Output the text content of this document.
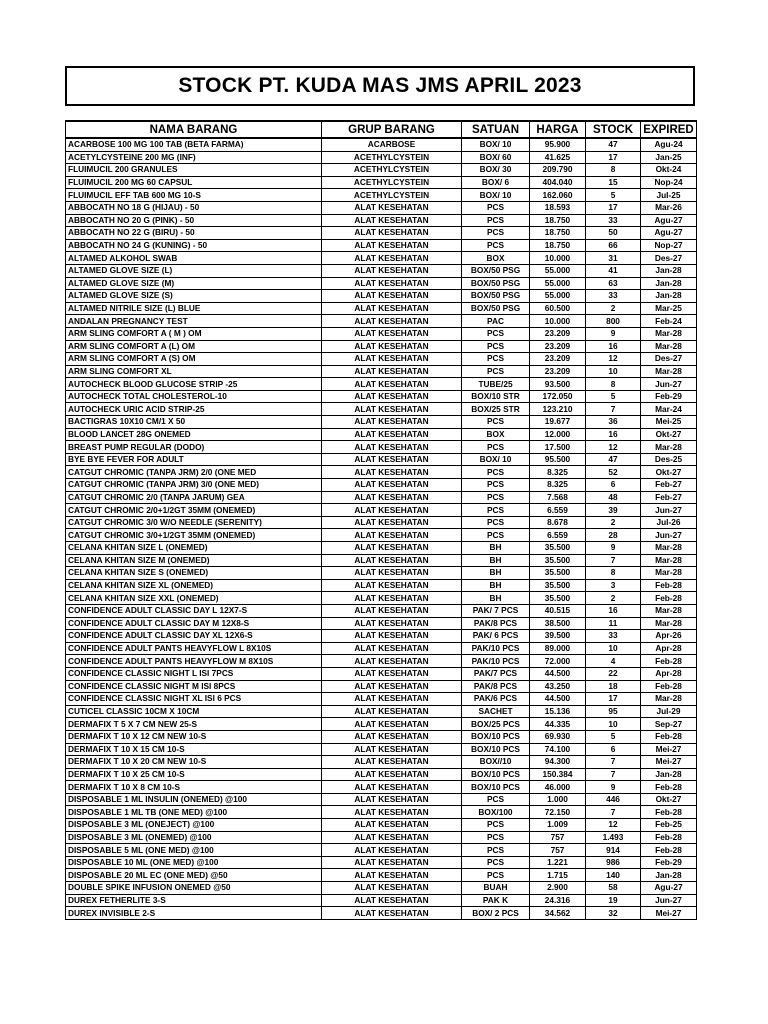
STOCK PT. KUDA MAS JMS APRIL 2023
NAMA BARANG	GRUP BARANG	SATUAN	HARGA	STOCK	EXPIRED
ACARBOSE 100 MG 100 TAB (BETA FARMA)	ACARBOSE	BOX/ 10	95.900	47	Agu-24
ACETYLCYSTEINE 200 MG (INF)	ACETHYLCYSTEIN	BOX/ 60	41.625	17	Jan-25
FLUIMUCIL 200 GRANULES	ACETHYLCYSTEIN	BOX/ 30	209.790	8	Okt-24
FLUIMUCIL 200 MG 60 CAPSUL	ACETHYLCYSTEIN	BOX/ 6	404.040	15	Nop-24
FLUIMUCIL EFF TAB 600 MG 10-S	ACETHYLCYSTEIN	BOX/ 10	162.060	5	Jul-25
ABBOCATH NO 18 G (HIJAU) - 50	ALAT KESEHATAN	PCS	18.593	17	Mar-26
ABBOCATH NO 20 G (PINK) - 50	ALAT KESEHATAN	PCS	18.750	33	Agu-27
ABBOCATH NO 22 G (BIRU) - 50	ALAT KESEHATAN	PCS	18.750	50	Agu-27
ABBOCATH NO 24 G (KUNING) - 50	ALAT KESEHATAN	PCS	18.750	66	Nop-27
ALTAMED ALKOHOL SWAB	ALAT KESEHATAN	BOX	10.000	31	Des-27
ALTAMED GLOVE SIZE (L)	ALAT KESEHATAN	BOX/50 PSG	55.000	41	Jan-28
ALTAMED GLOVE SIZE (M)	ALAT KESEHATAN	BOX/50 PSG	55.000	63	Jan-28
ALTAMED GLOVE SIZE (S)	ALAT KESEHATAN	BOX/50 PSG	55.000	33	Jan-28
ALTAMED NITRILE SIZE (L) BLUE	ALAT KESEHATAN	BOX/50 PSG	60.500	2	Mar-25
ANDALAN PREGNANCY TEST	ALAT KESEHATAN	PAC	10.000	800	Feb-24
ARM SLING COMFORT A ( M ) OM	ALAT KESEHATAN	PCS	23.209	9	Mar-28
ARM SLING COMFORT A (L) OM	ALAT KESEHATAN	PCS	23.209	16	Mar-28
ARM SLING COMFORT A (S) OM	ALAT KESEHATAN	PCS	23.209	12	Des-27
ARM SLING COMFORT XL	ALAT KESEHATAN	PCS	23.209	10	Mar-28
AUTOCHECK BLOOD GLUCOSE STRIP -25	ALAT KESEHATAN	TUBE/25	93.500	8	Jun-27
AUTOCHECK TOTAL CHOLESTEROL-10	ALAT KESEHATAN	BOX/10 STR	172.050	5	Feb-29
AUTOCHECK URIC ACID STRIP-25	ALAT KESEHATAN	BOX/25 STR	123.210	7	Mar-24
BACTIGRAS 10X10 CM/1 X 50	ALAT KESEHATAN	PCS	19.677	36	Mei-25
BLOOD LANCET 28G ONEMED	ALAT KESEHATAN	BOX	12.000	16	Okt-27
BREAST PUMP REGULAR (DODO)	ALAT KESEHATAN	PCS	17.500	12	Mar-28
BYE BYE FEVER FOR ADULT	ALAT KESEHATAN	BOX/ 10	95.500	47	Des-25
CATGUT CHROMIC (TANPA JRM) 2/0 (ONE MED	ALAT KESEHATAN	PCS	8.325	52	Okt-27
CATGUT CHROMIC (TANPA JRM) 3/0 (ONE MED)	ALAT KESEHATAN	PCS	8.325	6	Feb-27
CATGUT CHROMIC 2/0 (TANPA JARUM) GEA	ALAT KESEHATAN	PCS	7.568	48	Feb-27
CATGUT CHROMIC 2/0+1/2GT 35MM (ONEMED)	ALAT KESEHATAN	PCS	6.559	39	Jun-27
CATGUT CHROMIC 3/0 W/O NEEDLE (SERENITY)	ALAT KESEHATAN	PCS	8.678	2	Jul-26
CATGUT CHROMIC 3/0+1/2GT 35MM (ONEMED)	ALAT KESEHATAN	PCS	6.559	28	Jun-27
CELANA KHITAN SIZE L (ONEMED)	ALAT KESEHATAN	BH	35.500	9	Mar-28
CELANA KHITAN SIZE M (ONEMED)	ALAT KESEHATAN	BH	35.500	7	Mar-28
CELANA KHITAN SIZE S (ONEMED)	ALAT KESEHATAN	BH	35.500	8	Mar-28
CELANA KHITAN SIZE XL (ONEMED)	ALAT KESEHATAN	BH	35.500	3	Feb-28
CELANA KHITAN SIZE XXL (ONEMED)	ALAT KESEHATAN	BH	35.500	2	Feb-28
CONFIDENCE ADULT CLASSIC DAY L 12X7-S	ALAT KESEHATAN	PAK/ 7 PCS	40.515	16	Mar-28
CONFIDENCE ADULT CLASSIC DAY M 12X8-S	ALAT KESEHATAN	PAK/8 PCS	38.500	11	Mar-28
CONFIDENCE ADULT CLASSIC DAY XL 12X6-S	ALAT KESEHATAN	PAK/ 6 PCS	39.500	33	Apr-26
CONFIDENCE ADULT PANTS HEAVYFLOW L 8X10S	ALAT KESEHATAN	PAK/10 PCS	89.000	10	Apr-28
CONFIDENCE ADULT PANTS HEAVYFLOW M 8X10S	ALAT KESEHATAN	PAK/10 PCS	72.000	4	Feb-28
CONFIDENCE CLASSIC NIGHT L ISI 7PCS	ALAT KESEHATAN	PAK/7 PCS	44.500	22	Apr-28
CONFIDENCE CLASSIC NIGHT M ISI 8PCS	ALAT KESEHATAN	PAK/8 PCS	43.250	18	Feb-28
CONFIDENCE CLASSIC NIGHT XL ISI 6 PCS	ALAT KESEHATAN	PAK/6 PCS	44.500	17	Mar-28
CUTICEL CLASSIC 10CM X 10CM	ALAT KESEHATAN	SACHET	15.136	95	Jul-29
DERMAFIX T 5 X 7 CM NEW 25-S	ALAT KESEHATAN	BOX/25 PCS	44.335	10	Sep-27
DERMAFIX T 10 X 12 CM NEW 10-S	ALAT KESEHATAN	BOX/10 PCS	69.930	5	Feb-28
DERMAFIX T 10 X 15 CM 10-S	ALAT KESEHATAN	BOX/10 PCS	74.100	6	Mei-27
DERMAFIX T 10 X 20 CM NEW 10-S	ALAT KESEHATAN	BOX//10	94.300	7	Mei-27
DERMAFIX T 10 X 25 CM 10-S	ALAT KESEHATAN	BOX/10 PCS	150.384	7	Jan-28
DERMAFIX T 10 X 8 CM 10-S	ALAT KESEHATAN	BOX/10 PCS	46.000	9	Feb-28
DISPOSABLE 1 ML INSULIN (ONEMED) @100	ALAT KESEHATAN	PCS	1.000	446	Okt-27
DISPOSABLE 1 ML TB (ONE MED) @100	ALAT KESEHATAN	BOX/100	72.150	7	Feb-28
DISPOSABLE 3 ML (ONEJECT) @100	ALAT KESEHATAN	PCS	1.009	12	Feb-25
DISPOSABLE 3 ML (ONEMED) @100	ALAT KESEHATAN	PCS	757	1.493	Feb-28
DISPOSABLE 5 ML (ONE MED) @100	ALAT KESEHATAN	PCS	757	914	Feb-28
DISPOSABLE 10 ML (ONE MED) @100	ALAT KESEHATAN	PCS	1.221	986	Feb-29
DISPOSABLE 20 ML EC (ONE MED) @50	ALAT KESEHATAN	PCS	1.715	140	Jan-28
DOUBLE SPIKE INFUSION ONEMED @50	ALAT KESEHATAN	BUAH	2.900	58	Agu-27
DUREX FETHERLITE 3-S	ALAT KESEHATAN	PAK K	24.316	19	Jun-27
DUREX INVISIBLE 2-S	ALAT KESEHATAN	BOX/ 2 PCS	34.562	32	Mei-27
